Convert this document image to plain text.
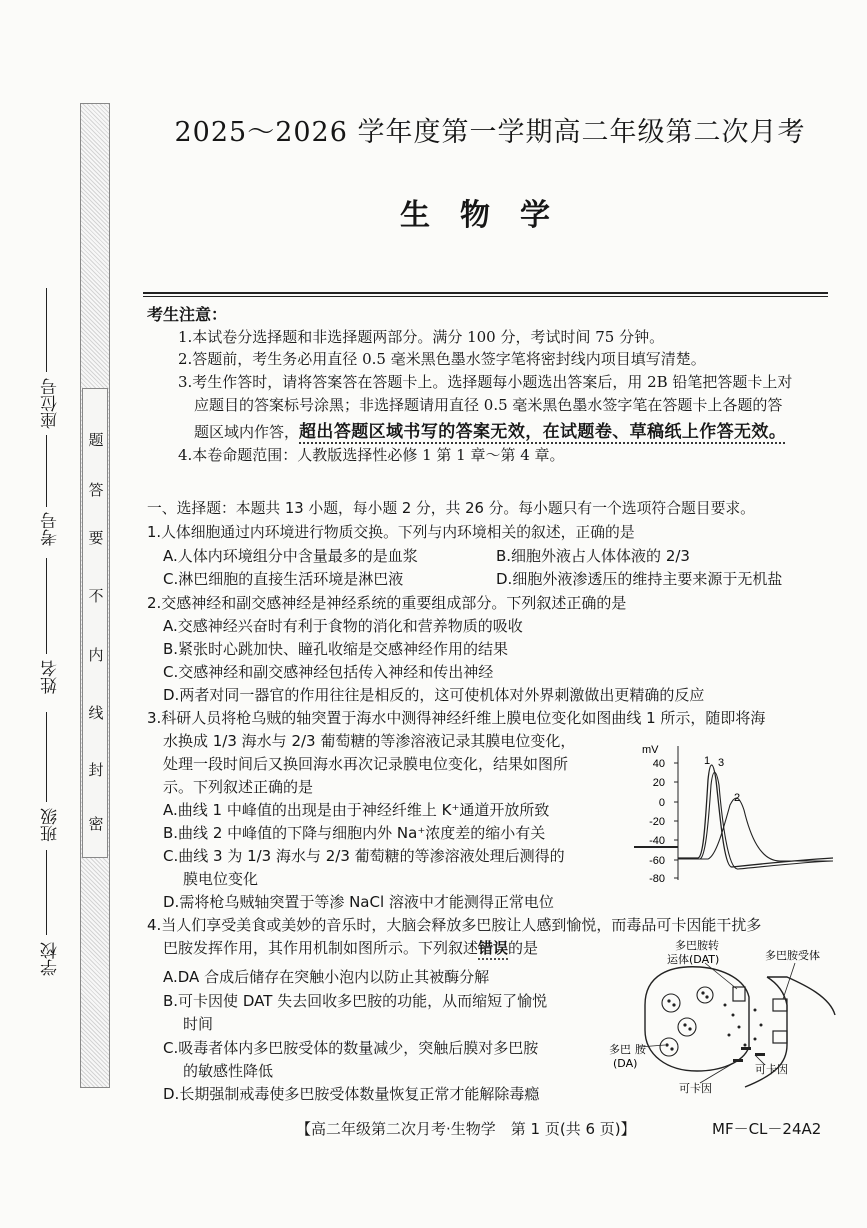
密
封
线
内
不
要
答
题
学校
班级
姓名
考号
座位号
2025～2026 学年度第一学期高二年级第二次月考
生物学
考生注意：
1.本试卷分选择题和非选择题两部分。满分 100 分，考试时间 75 分钟。
2.答题前，考生务必用直径 0.5 毫米黑色墨水签字笔将密封线内项目填写清楚。
3.考生作答时，请将答案答在答题卡上。选择题每小题选出答案后，用 2B 铅笔把答题卡上对
应题目的答案标号涂黑；非选择题请用直径 0.5 毫米黑色墨水签字笔在答题卡上各题的答
题区域内作答，超出答题区域书写的答案无效，在试题卷、草稿纸上作答无效。
4.本卷命题范围：人教版选择性必修 1 第 1 章～第 4 章。
一、选择题：本题共 13 小题，每小题 2 分，共 26 分。每小题只有一个选项符合题目要求。
1.人体细胞通过内环境进行物质交换。下列与内环境相关的叙述，正确的是
A.人体内环境组分中含量最多的是血浆	B.细胞外液占人体体液的 2/3
C.淋巴细胞的直接生活环境是淋巴液	D.细胞外液渗透压的维持主要来源于无机盐
2.交感神经和副交感神经是神经系统的重要组成部分。下列叙述正确的是
A.交感神经兴奋时有利于食物的消化和营养物质的吸收
B.紧张时心跳加快、瞳孔收缩是交感神经作用的结果
C.交感神经和副交感神经包括传入神经和传出神经
D.两者对同一器官的作用往往是相反的，这可使机体对外界刺激做出更精确的反应
3.科研人员将枪乌贼的轴突置于海水中测得神经纤维上膜电位变化如图曲线 1 所示，随即将海
水换成 1/3 海水与 2/3 葡萄糖的等渗溶液记录其膜电位变化，
处理一段时间后又换回海水再次记录膜电位变化，结果如图所
示。下列叙述正确的是
A.曲线 1 中峰值的出现是由于神经纤维上 K⁺通道开放所致
B.曲线 2 中峰值的下降与细胞内外 Na⁺浓度差的缩小有关
C.曲线 3 为 1/3 海水与 2/3 葡萄糖的等渗溶液处理后测得的
膜电位变化
D.需将枪乌贼轴突置于等渗 NaCl 溶液中才能测得正常电位
mV
40
20
0
-20
-40
-60
-80
1 3
2
4.当人们享受美食或美妙的音乐时，大脑会释放多巴胺让人感到愉悦，而毒品可卡因能干扰多
巴胺发挥作用，其作用机制如图所示。下列叙述错误的是
A.DA 合成后储存在突触小泡内以防止其被酶分解
B.可卡因使 DAT 失去回收多巴胺的功能，从而缩短了愉悦
时间
C.吸毒者体内多巴胺受体的数量减少，突触后膜对多巴胺
的敏感性降低
D.长期强制戒毒使多巴胺受体数量恢复正常才能解除毒瘾
多巴胺转
运体(DAT)	多巴胺受体
多巴 胺
(DA)
可卡因
可卡因
【高二年级第二次月考·生物学　第 1 页(共 6 页)】	MF－CL－24A2
